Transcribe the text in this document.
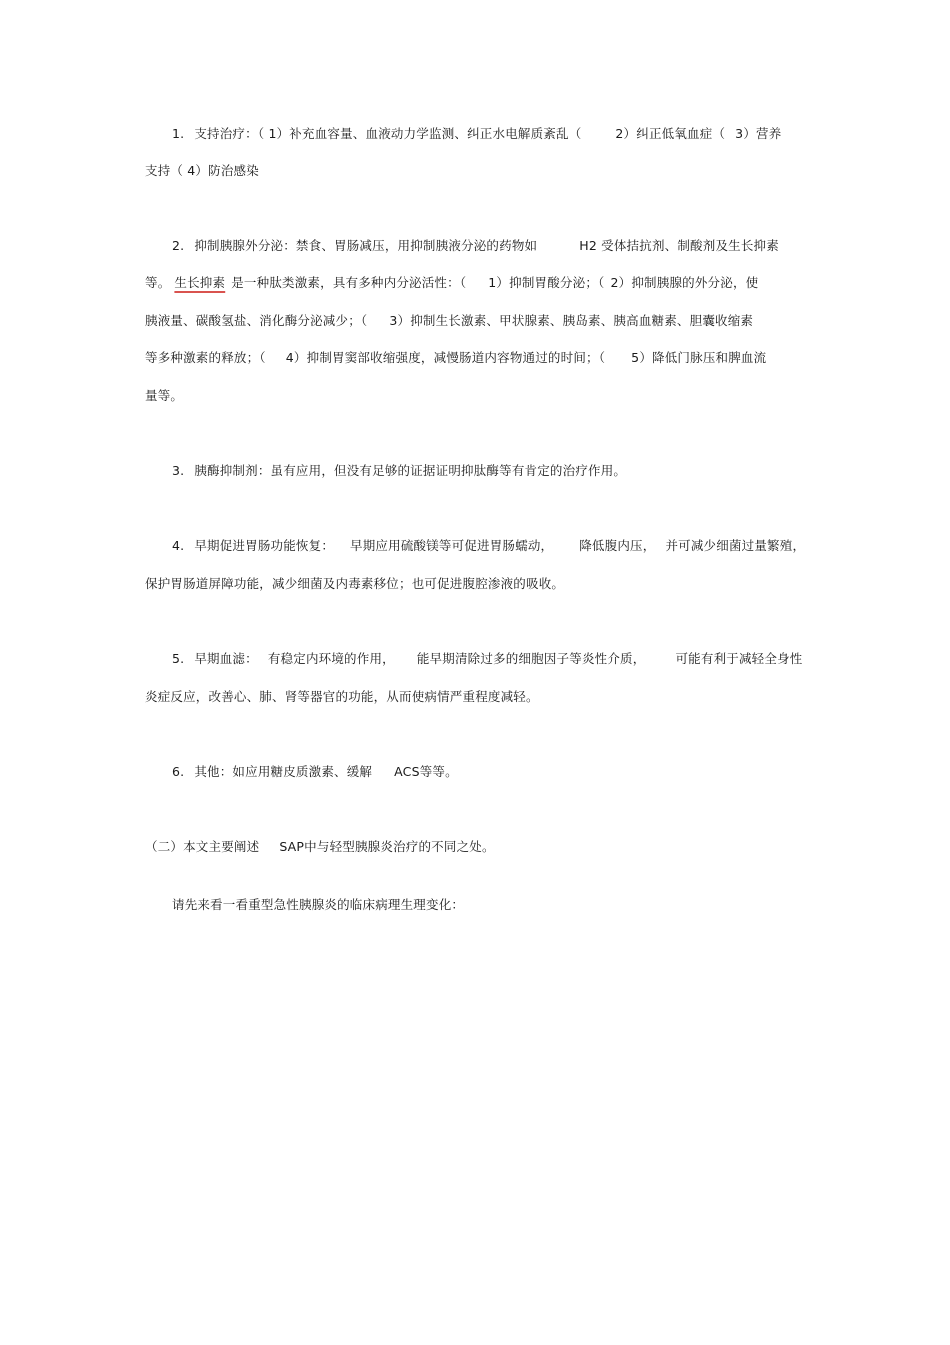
1. 支持治疗：（ 1）补充血容量、血液动力学监测、纠正水电解质紊乱（	2）纠正低氧血症（ 3）营养
支持（ 4）防治感染
2. 抑制胰腺外分泌：禁食、胃肠减压，用抑制胰液分泌的药物如	H2 受体拮抗剂、制酸剂及生长抑素
等。 生长抑素 是一种肽类激素，具有多种内分泌活性：（ 1）抑制胃酸分泌；（ 2）抑制胰腺的外分泌，使
胰液量、碳酸氢盐、消化酶分泌减少；（ 3）抑制生长激素、甲状腺素、胰岛素、胰高血糖素、胆囊收缩素
等多种激素的释放；（ 4）抑制胃窦部收缩强度，减慢肠道内容物通过的时间；（ 5）降低门脉压和脾血流
量等。
3. 胰酶抑制剂：虽有应用，但没有足够的证据证明抑肽酶等有肯定的治疗作用。
4. 早期促进胃肠功能恢复： 早期应用硫酸镁等可促进胃肠蠕动， 降低腹内压， 并可减少细菌过量繁殖，
保护胃肠道屏障功能，减少细菌及内毒素移位；也可促进腹腔渗液的吸收。
5. 早期血滤： 有稳定内环境的作用， 能早期清除过多的细胞因子等炎性介质， 可能有利于减轻全身性
炎症反应，改善心、肺、肾等器官的功能，从而使病情严重程度减轻。
6. 其他：如应用糖皮质激素、缓解 ACS等等。
（二）本文主要阐述 SAP中与轻型胰腺炎治疗的不同之处。
请先来看一看重型急性胰腺炎的临床病理生理变化：
